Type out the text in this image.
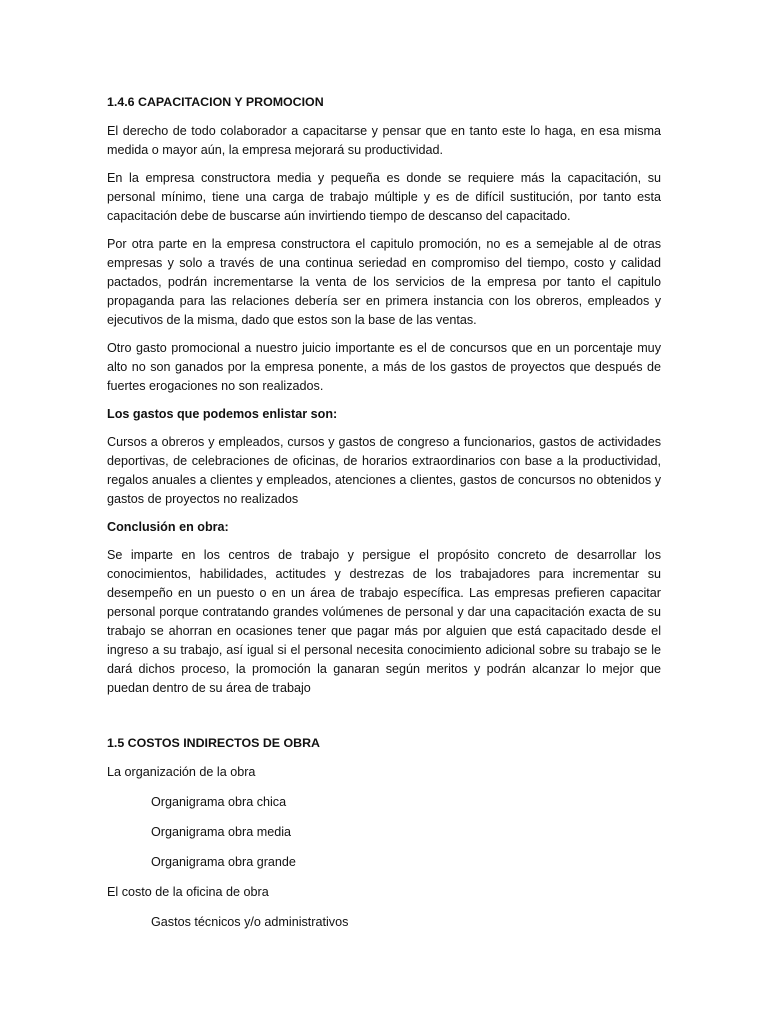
1.4.6 CAPACITACION Y PROMOCION

El derecho de todo colaborador a capacitarse y pensar que en tanto este lo haga, en esa misma medida o mayor aún, la empresa mejorará su productividad.

En la empresa constructora media y pequeña es donde se requiere más la capacitación, su personal mínimo, tiene una carga de trabajo múltiple y es de difícil sustitución, por tanto esta capacitación debe de buscarse aún invirtiendo tiempo de descanso del capacitado.

Por otra parte en la empresa constructora el capitulo promoción, no es a semejable al de otras empresas y solo a través de una continua seriedad en compromiso del tiempo, costo y calidad pactados, podrán incrementarse la venta de los servicios de la empresa por tanto el capitulo propaganda para las relaciones debería ser en primera instancia con los obreros, empleados y ejecutivos de la misma, dado que estos son la base de las ventas.

Otro gasto promocional a nuestro juicio importante es el de concursos que en un porcentaje muy alto no son ganados por la empresa ponente, a más de los gastos de proyectos que después de fuertes erogaciones no son realizados.

Los gastos que podemos enlistar son:

Cursos a obreros y empleados, cursos y gastos de congreso a funcionarios, gastos de actividades deportivas, de celebraciones de oficinas, de horarios extraordinarios con base a la productividad, regalos anuales a clientes y empleados, atenciones a clientes, gastos de concursos no obtenidos y gastos de proyectos no realizados

Conclusión en obra:

Se imparte en los centros de trabajo y persigue el propósito concreto de desarrollar los conocimientos, habilidades, actitudes y destrezas de los trabajadores para incrementar su desempeño en un puesto o en un área de trabajo específica. Las empresas prefieren capacitar personal porque contratando grandes volúmenes de personal y dar una capacitación exacta de su trabajo se ahorran en ocasiones tener que pagar más por alguien que está capacitado desde el ingreso a su trabajo, así igual si el personal necesita conocimiento adicional sobre su trabajo se le dará dichos proceso, la promoción la ganaran según meritos y podrán alcanzar lo mejor que puedan dentro de su área de trabajo

1.5 COSTOS INDIRECTOS DE OBRA

La organización de la obra

Organigrama obra chica

Organigrama obra media

Organigrama obra grande

El costo de la oficina de obra

Gastos técnicos y/o administrativos
